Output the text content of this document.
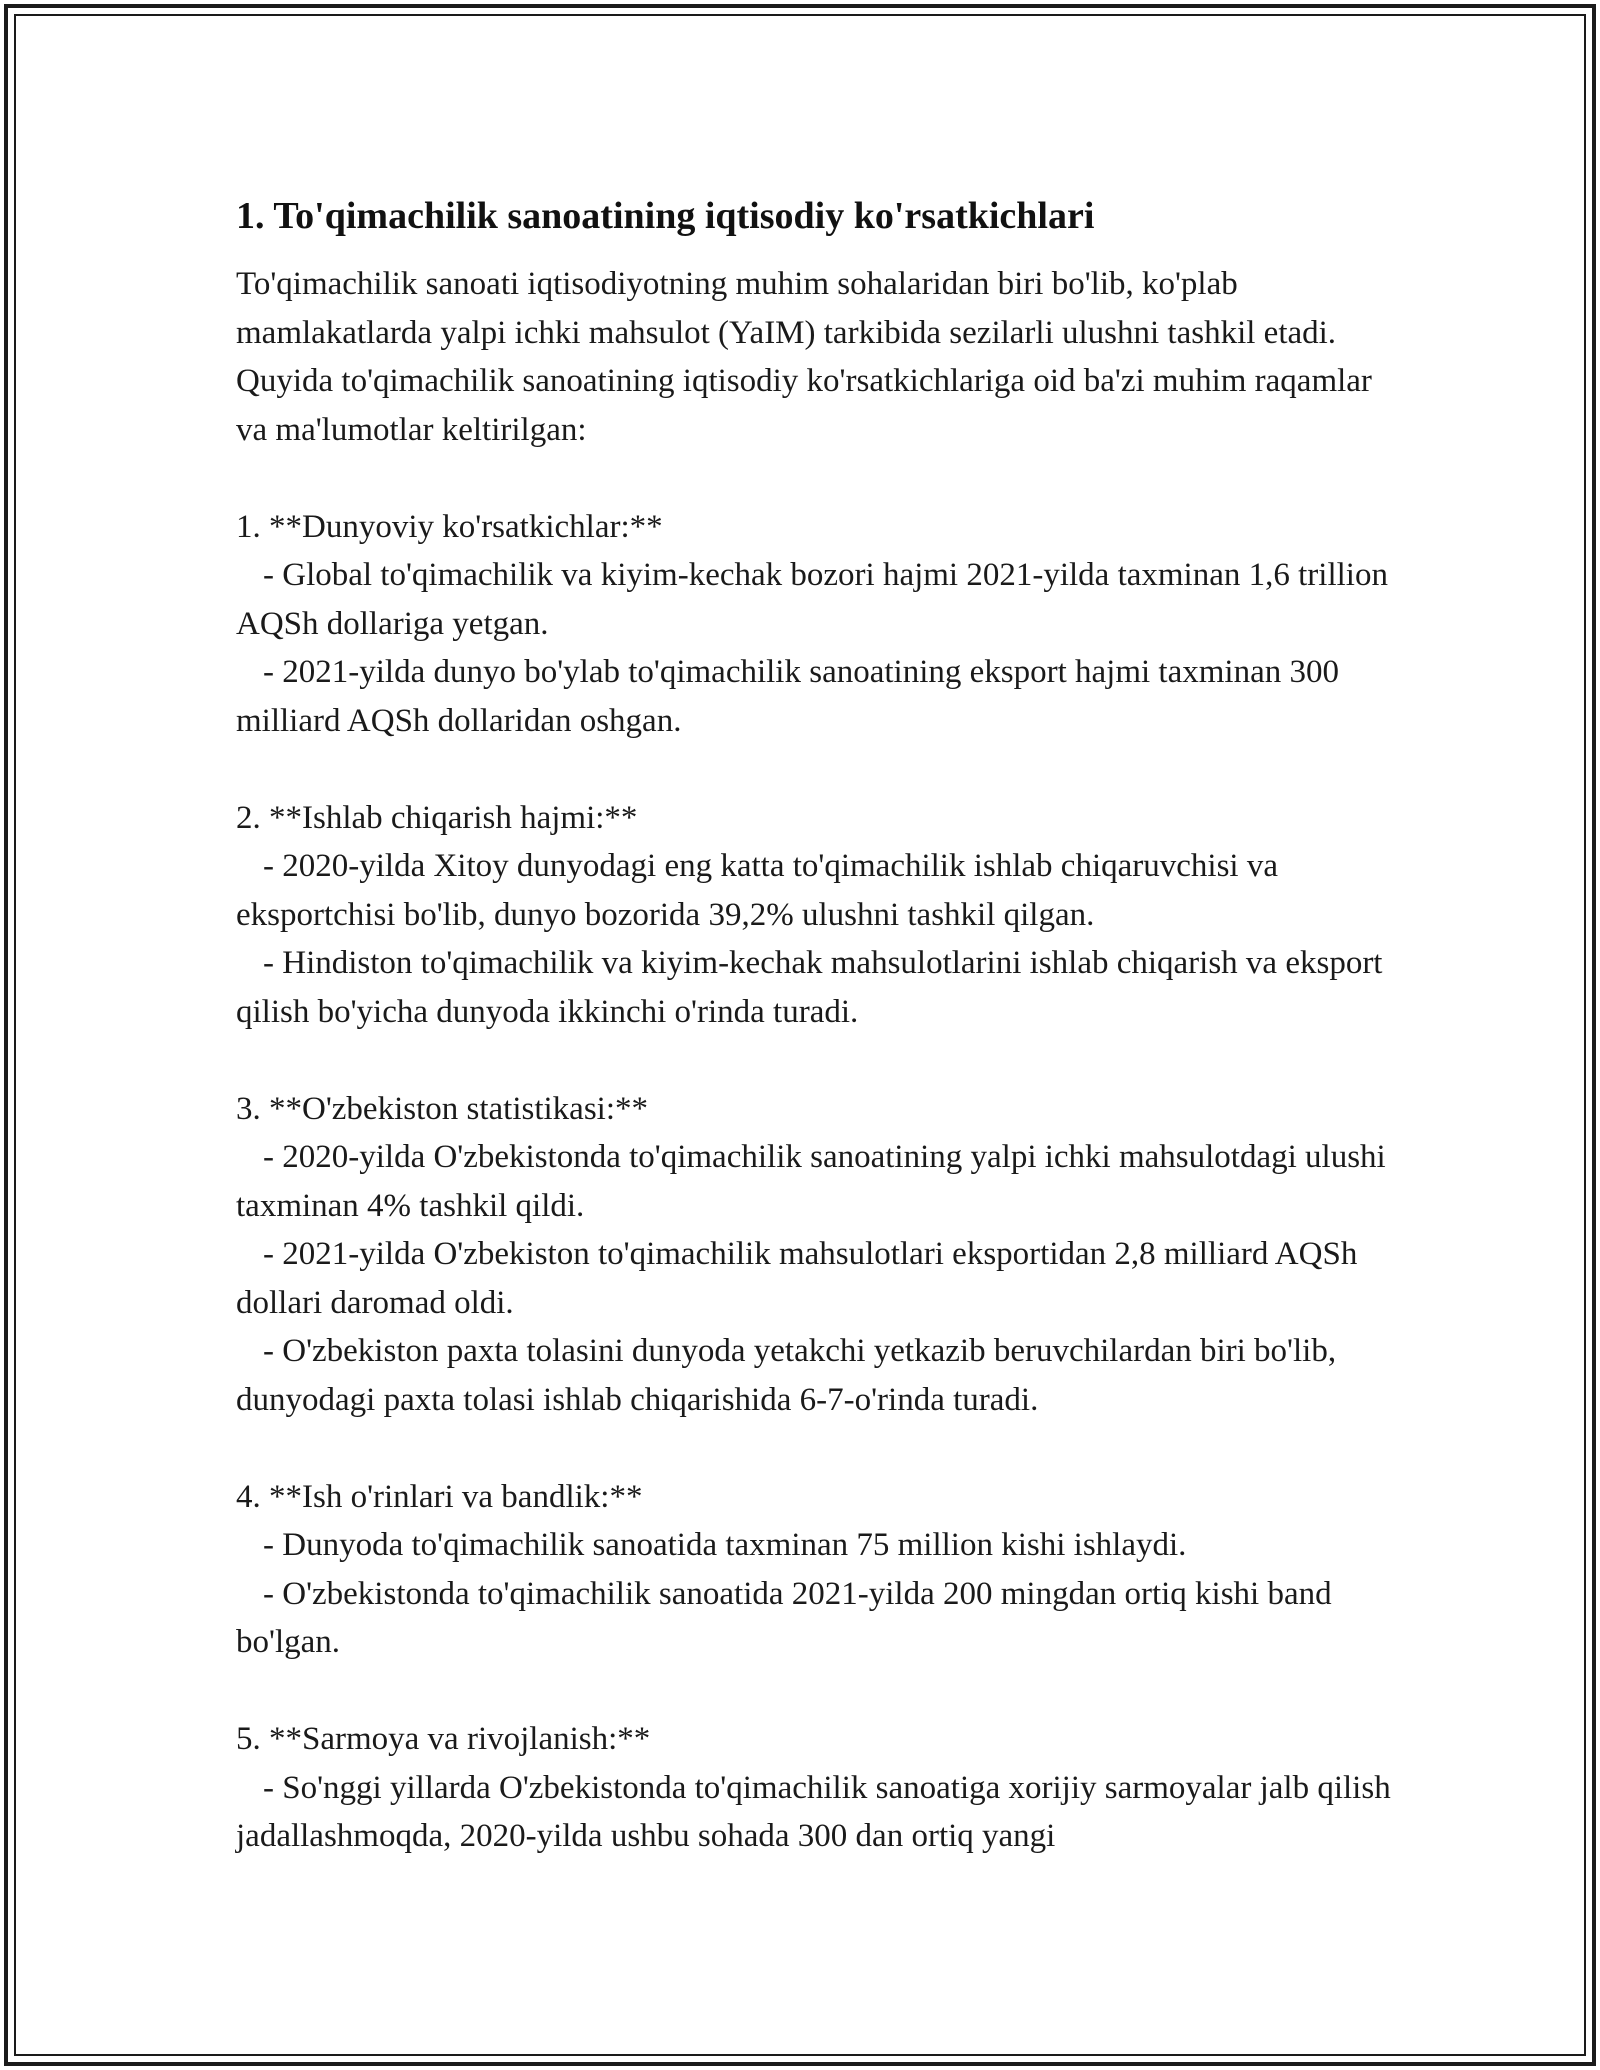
1. To'qimachilik sanoatining iqtisodiy ko'rsatkichlari

To'qimachilik sanoati iqtisodiyotning muhim sohalaridan biri bo'lib, ko'plab mamlakatlarda yalpi ichki mahsulot (YaIM) tarkibida sezilarli ulushni tashkil etadi. Quyida to'qimachilik sanoatining iqtisodiy ko'rsatkichlariga oid ba'zi muhim raqamlar va ma'lumotlar keltirilgan:

1. **Dunyoviy ko'rsatkichlar:**

- Global to'qimachilik va kiyim-kechak bozori hajmi 2021-yilda taxminan 1,6 trillion AQSh dollariga yetgan.

- 2021-yilda dunyo bo'ylab to'qimachilik sanoatining eksport hajmi taxminan 300 milliard AQSh dollaridan oshgan.

2. **Ishlab chiqarish hajmi:**

- 2020-yilda Xitoy dunyodagi eng katta to'qimachilik ishlab chiqaruvchisi va eksportchisi bo'lib, dunyo bozorida 39,2% ulushni tashkil qilgan.

- Hindiston to'qimachilik va kiyim-kechak mahsulotlarini ishlab chiqarish va eksport qilish bo'yicha dunyoda ikkinchi o'rinda turadi.

3. **O'zbekiston statistikasi:**

- 2020-yilda O'zbekistonda to'qimachilik sanoatining yalpi ichki mahsulotdagi ulushi taxminan 4% tashkil qildi.

- 2021-yilda O'zbekiston to'qimachilik mahsulotlari eksportidan 2,8 milliard AQSh dollari daromad oldi.

- O'zbekiston paxta tolasini dunyoda yetakchi yetkazib beruvchilardan biri bo'lib, dunyodagi paxta tolasi ishlab chiqarishida 6-7-o'rinda turadi.

4. **Ish o'rinlari va bandlik:**

- Dunyoda to'qimachilik sanoatida taxminan 75 million kishi ishlaydi.

- O'zbekistonda to'qimachilik sanoatida 2021-yilda 200 mingdan ortiq kishi band bo'lgan.

5. **Sarmoya va rivojlanish:**

- So'nggi yillarda O'zbekistonda to'qimachilik sanoatiga xorijiy sarmoyalar jalb qilish jadallashmoqda, 2020-yilda ushbu sohada 300 dan ortiq yangi
